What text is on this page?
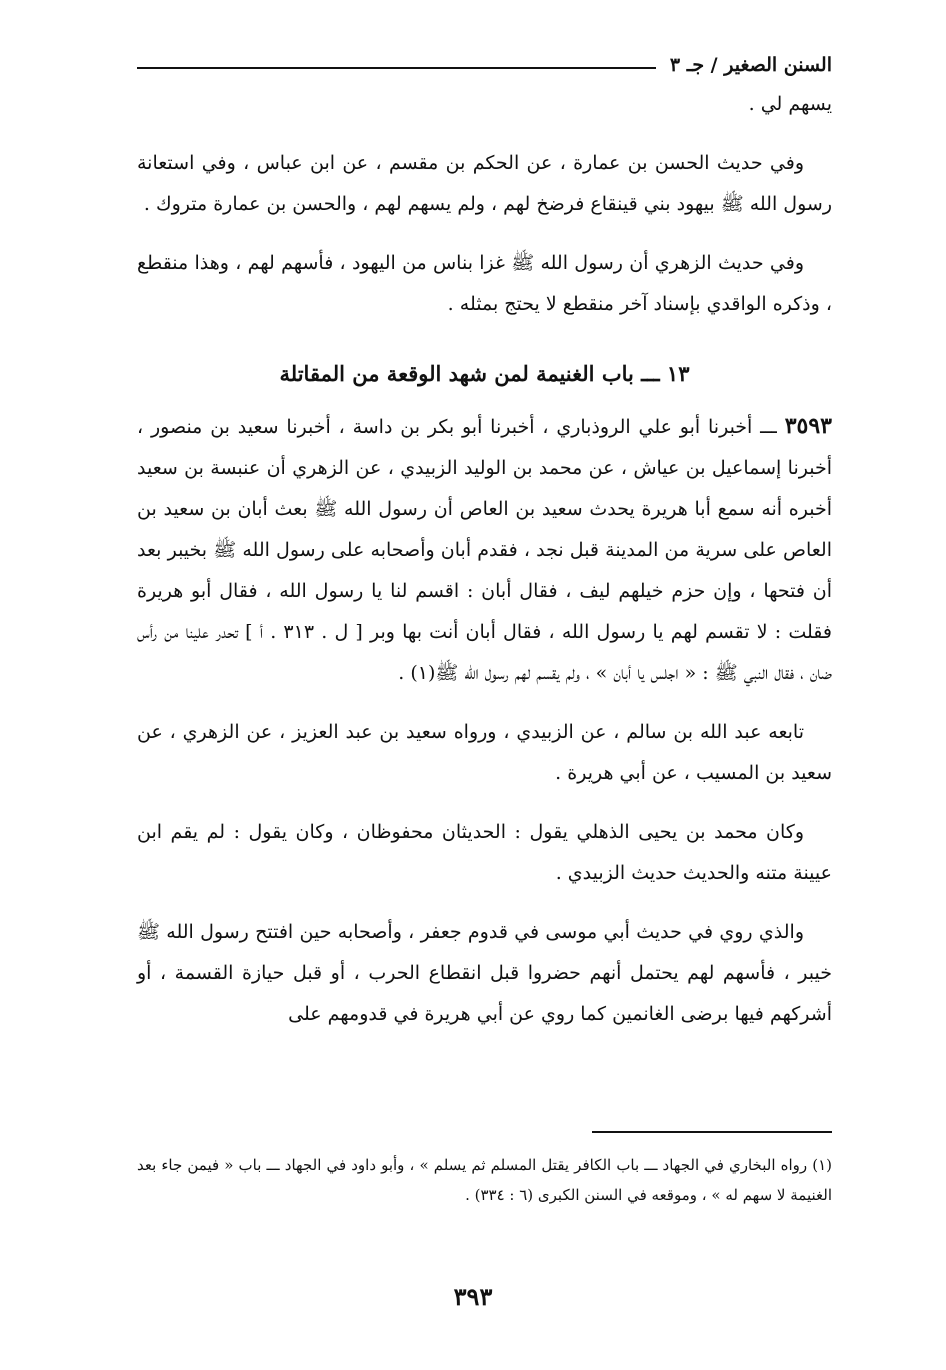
السنن الصغير / جـ ٣

يسهم لي .

وفي حديث الحسن بن عمارة ، عن الحكم بن مقسم ، عن ابن عباس ، وفي استعانة رسول الله ﷺ بيهود بني قينقاع فرضخ لهم ، ولم يسهم لهم ، والحسن بن عمارة متروك .

وفي حديث الزهري أن رسول الله ﷺ غزا بناس من اليهود ، فأسهم لهم ، وهذا منقطع ، وذكره الواقدي بإسناد آخر منقطع لا يحتج بمثله .

١٣ ـــ باب الغنيمة لمن شهد الوقعة من المقاتلة

٣٥٩٣ ـــ أخبرنا أبو علي الروذباري ، أخبرنا أبو بكر بن داسة ، أخبرنا سعيد بن منصور ، أخبرنا إسماعيل بن عياش ، عن محمد بن الوليد الزبيدي ، عن الزهري أن عنبسة بن سعيد أخبره أنه سمع أبا هريرة يحدث سعيد بن العاص أن رسول الله ﷺ بعث أبان بن سعيد بن العاص على سرية من المدينة قبل نجد ، فقدم أبان وأصحابه على رسول الله ﷺ بخيبر بعد أن فتحها ، وإن حزم خيلهم ليف ، فقال أبان : اقسم لنا يا رسول الله ، فقال أبو هريرة فقلت : لا تقسم لهم يا رسول الله ، فقال أبان أنت بها وبر [ ل . ٣١٣ . أ ] تحدر علينا من رأس ضان ، فقال النبي ﷺ : « اجلس يا أبان » ، ولم يقسم لهم رسول الله ﷺ(١) .

تابعه عبد الله بن سالم ، عن الزبيدي ، ورواه سعيد بن عبد العزيز ، عن الزهري ، عن سعيد بن المسيب ، عن أبي هريرة .

وكان محمد بن يحيى الذهلي يقول : الحديثان محفوظان ، وكان يقول : لم يقم ابن عيينة متنه والحديث حديث الزبيدي .

والذي روي في حديث أبي موسى في قدوم جعفر ، وأصحابه حين افتتح رسول الله ﷺ خيبر ، فأسهم لهم يحتمل أنهم حضروا قبل انقطاع الحرب ، أو قبل حيازة القسمة ، أو أشركهم فيها برضى الغانمين كما روي عن أبي هريرة في قدومهم على

(١) رواه البخاري في الجهاد ـــ باب الكافر يقتل المسلم ثم يسلم » ، وأبو داود في الجهاد ـــ باب « فيمن جاء بعد الغنيمة لا سهم له » ، وموقعه في السنن الكبرى (٦ : ٣٣٤) .

٣٩٣
